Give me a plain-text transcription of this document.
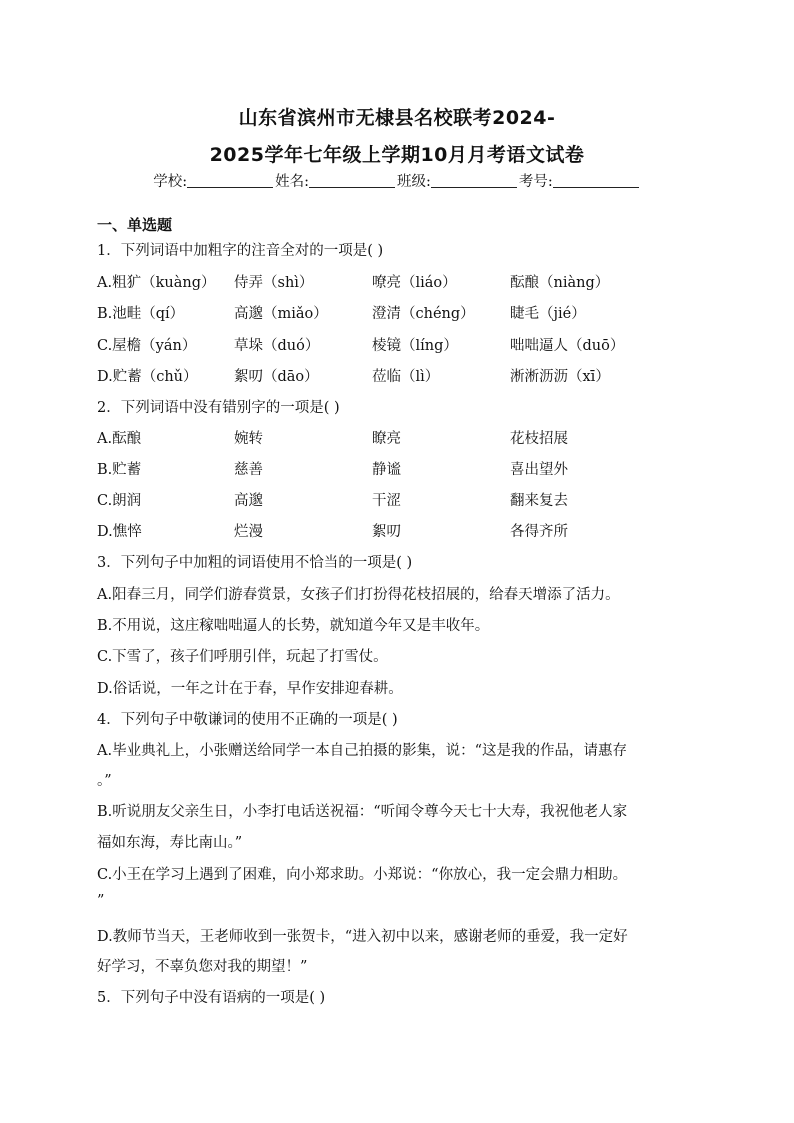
山东省滨州市无棣县名校联考2024-
2025学年七年级上学期10月月考语文试卷
学校:	姓名:	班级:	考号:
一、单选题
1．下列词语中加粗字的注音全对的一项是( )
A.粗犷（kuàng） 侍弄（shì）	嘹亮（liáo）	酝酿（niàng）
B.池畦（qí）	高邈（miǎo）	澄清（chéng） 睫毛（jié）
C.屋檐（yán）	草垛（duó）	棱镜（líng）	咄咄逼人（duō）
D.贮蓄（chǔ）	絮叨（dāo）	莅临（lì）	淅淅沥沥（xī）
2．下列词语中没有错别字的一项是( )
A.酝酿	婉转	瞭亮	花枝招展
B.贮蓄	慈善	静谧	喜出望外
C.朗润	高邈	干涩	翻来复去
D.憔悴	烂漫	絮叨	各得齐所
3．下列句子中加粗的词语使用不恰当的一项是( )
A.阳春三月，同学们游春赏景，女孩子们打扮得花枝招展的，给春天增添了活力。
B.不用说，这庄稼咄咄逼人的长势，就知道今年又是丰收年。
C.下雪了，孩子们呼朋引伴，玩起了打雪仗。
D.俗话说，一年之计在于春，早作安排迎春耕。
4．下列句子中敬谦词的使用不正确的一项是( )
A.毕业典礼上，小张赠送给同学一本自己拍摄的影集，说：“这是我的作品，请惠存
。”
B.听说朋友父亲生日，小李打电话送祝福：“听闻令尊今天七十大寿，我祝他老人家
福如东海，寿比南山。”
C.小王在学习上遇到了困难，向小郑求助。小郑说：“你放心，我一定会鼎力相助。
”
D.教师节当天，王老师收到一张贺卡，“进入初中以来，感谢老师的垂爱，我一定好
好学习，不辜负您对我的期望！”
5．下列句子中没有语病的一项是( )
